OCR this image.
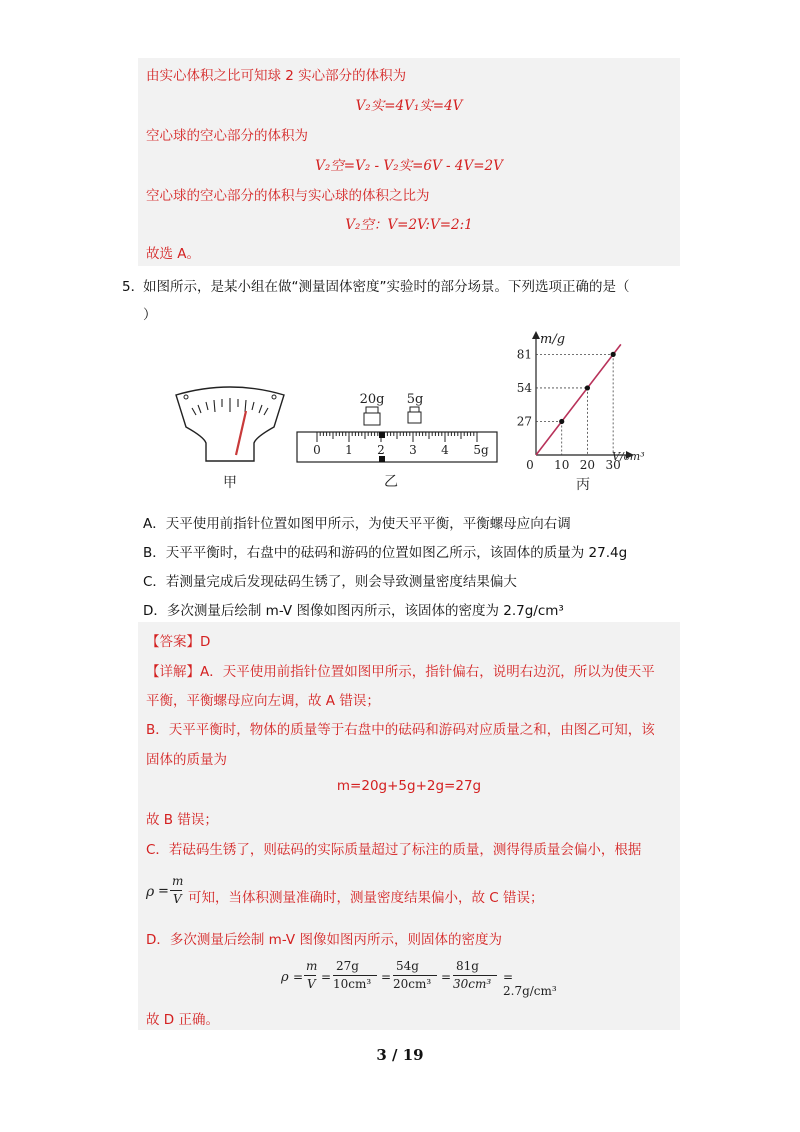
由实心体积之比可知球 2 实心部分的体积为
V₂实=4V₁实=4V
空心球的空心部分的体积为
V₂空=V₂ - V₂实=6V - 4V=2V
空心球的空心部分的体积与实心球的体积之比为
V₂空：V=2V:V=2:1
故选 A。
5．
如图所示，是某小组在做“测量固体密度”实验时的部分场景。下列选项正确的是（
）
甲
20g 5g
0 1 2 3 4 5g
乙
m/g
V/cm³
81
54
27
0 10 20 30
丙
A．天平使用前指针位置如图甲所示，为使天平平衡，平衡螺母应向右调
B．天平平衡时，右盘中的砝码和游码的位置如图乙所示，该固体的质量为 27.4g
C．若测量完成后发现砝码生锈了，则会导致测量密度结果偏大
D．多次测量后绘制 m-V 图像如图丙所示，该固体的密度为 2.7g/cm³
【答案】D
【详解】A．天平使用前指针位置如图甲所示，指针偏右，说明右边沉，所以为使天平
平衡，平衡螺母应向左调，故 A 错误；
B．天平平衡时，物体的质量等于右盘中的砝码和游码对应质量之和，由图乙可知，该
固体的质量为
m=20g+5g+2g=27g
故 B 错误；
C．若砝码生锈了，则砝码的实际质量超过了标注的质量，测得得质量会偏小，根据
ρ =
m
V 可知，当体积测量准确时，测量密度结果偏小，故 C 错误；
D．多次测量后绘制 m-V 图像如图丙所示，则固体的密度为
ρ =
m
V =
27g
10cm³ =
54g
20cm³ =
81g
30cm³ = 2.7g/cm³
故 D 正确。
3 / 19
